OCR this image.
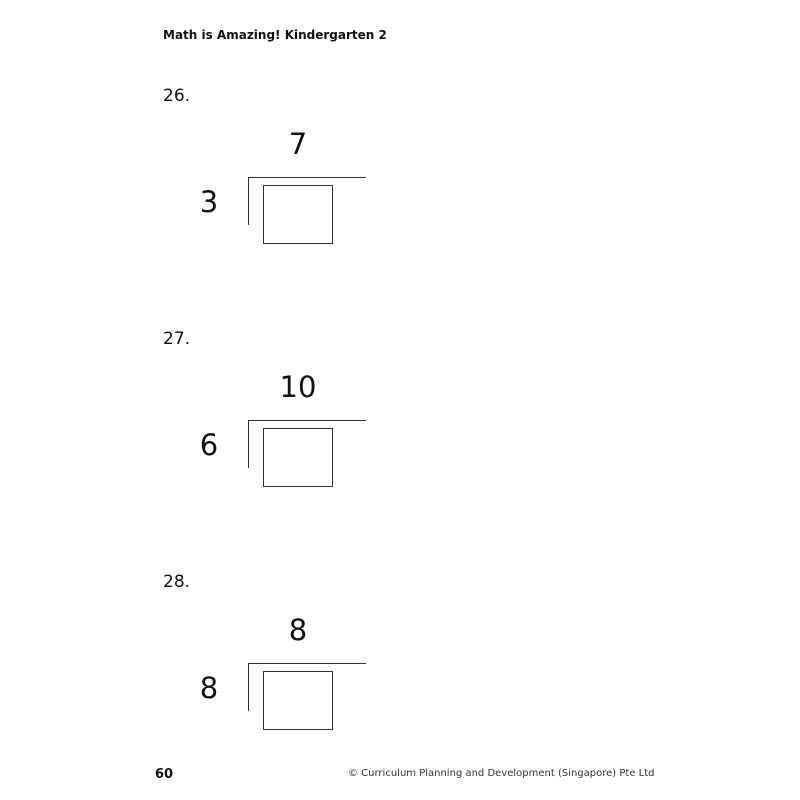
Math is Amazing! Kindergarten 2
26.
7
3
27.
10
6
28.
8
8
60	© Curriculum Planning and Development (Singapore) Pte Ltd
